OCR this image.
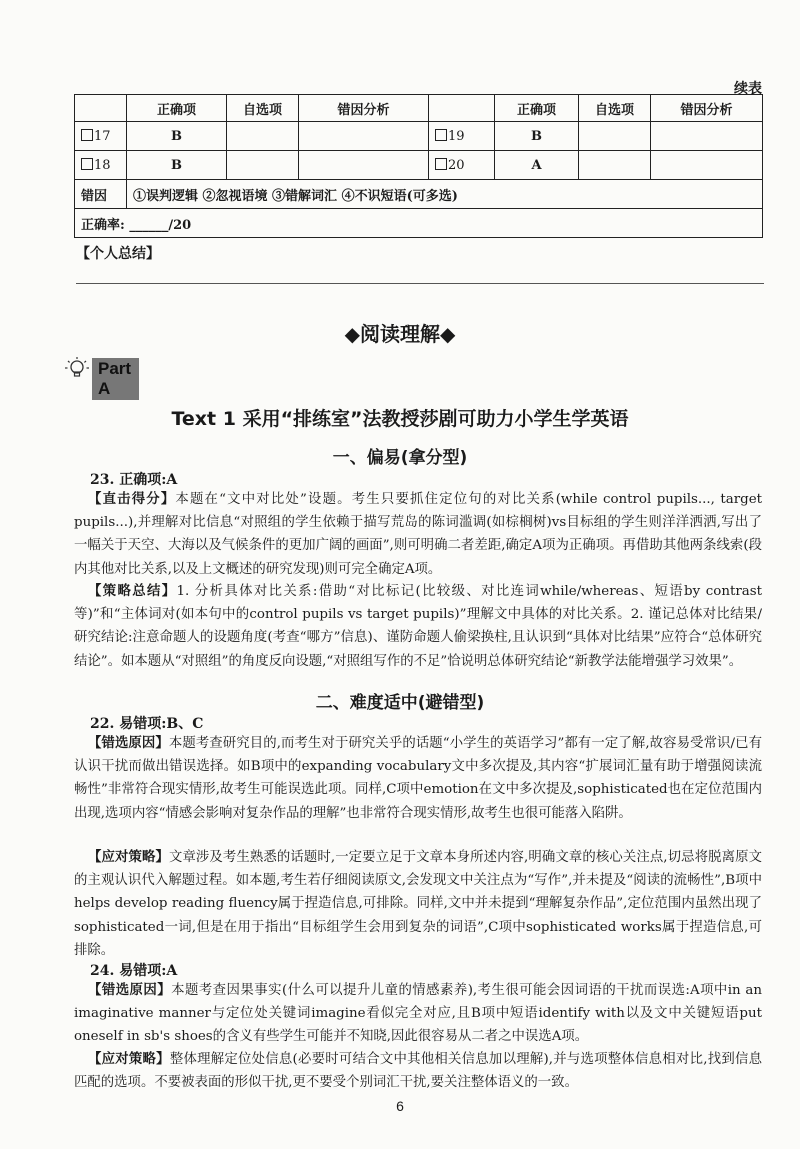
续表
	正确项	自选项	错因分析		正确项	自选项	错因分析
17	B			19	B		
18	B			20	A		
错因	①误判逻辑 ②忽视语境 ③错解词汇 ④不识短语(可多选)						
正确率: ______/20							
【个人总结】
◆阅读理解◆
Part A
Text 1 采用“排练室”法教授莎剧可助力小学生学英语
一、偏易(拿分型)
23. 正确项:A
【直击得分】本题在“文中对比处”设题。考生只要抓住定位句的对比关系(while control pupils..., target pupils...),并理解对比信息“对照组的学生依赖于描写荒岛的陈词滥调(如棕榈树)vs目标组的学生则洋洋洒洒,写出了一幅关于天空、大海以及气候条件的更加广阔的画面”,则可明确二者差距,确定A项为正确项。再借助其他两条线索(段内其他对比关系,以及上文概述的研究发现)则可完全确定A项。
【策略总结】1. 分析具体对比关系:借助“对比标记(比较级、对比连词while/whereas、短语by contrast等)”和“主体词对(如本句中的control pupils vs target pupils)”理解文中具体的对比关系。2. 谨记总体对比结果/研究结论:注意命题人的设题角度(考查“哪方”信息)、谨防命题人偷梁换柱,且认识到“具体对比结果”应符合“总体研究结论”。如本题从“对照组”的角度反向设题,“对照组写作的不足”恰说明总体研究结论“新教学法能增强学习效果”。
二、难度适中(避错型)
22. 易错项:B、C
【错选原因】本题考查研究目的,而考生对于研究关乎的话题“小学生的英语学习”都有一定了解,故容易受常识/已有认识干扰而做出错误选择。如B项中的expanding vocabulary文中多次提及,其内容“扩展词汇量有助于增强阅读流畅性”非常符合现实情形,故考生可能误选此项。同样,C项中emotion在文中多次提及,sophisticated也在定位范围内出现,选项内容“情感会影响对复杂作品的理解”也非常符合现实情形,故考生也很可能落入陷阱。
【应对策略】文章涉及考生熟悉的话题时,一定要立足于文章本身所述内容,明确文章的核心关注点,切忌将脱离原文的主观认识代入解题过程。如本题,考生若仔细阅读原文,会发现文中关注点为“写作”,并未提及“阅读的流畅性”,B项中helps develop reading fluency属于捏造信息,可排除。同样,文中并未提到“理解复杂作品”,定位范围内虽然出现了sophisticated一词,但是在用于指出“目标组学生会用到复杂的词语”,C项中sophisticated works属于捏造信息,可排除。
24. 易错项:A
【错选原因】本题考查因果事实(什么可以提升儿童的情感素养),考生很可能会因词语的干扰而误选:A项中in an imaginative manner与定位处关键词imagine看似完全对应,且B项中短语identify with以及文中关键短语put oneself in sb's shoes的含义有些学生可能并不知晓,因此很容易从二者之中误选A项。
【应对策略】整体理解定位处信息(必要时可结合文中其他相关信息加以理解),并与选项整体信息相对比,找到信息匹配的选项。不要被表面的形似干扰,更不要受个别词汇干扰,要关注整体语义的一致。
6
